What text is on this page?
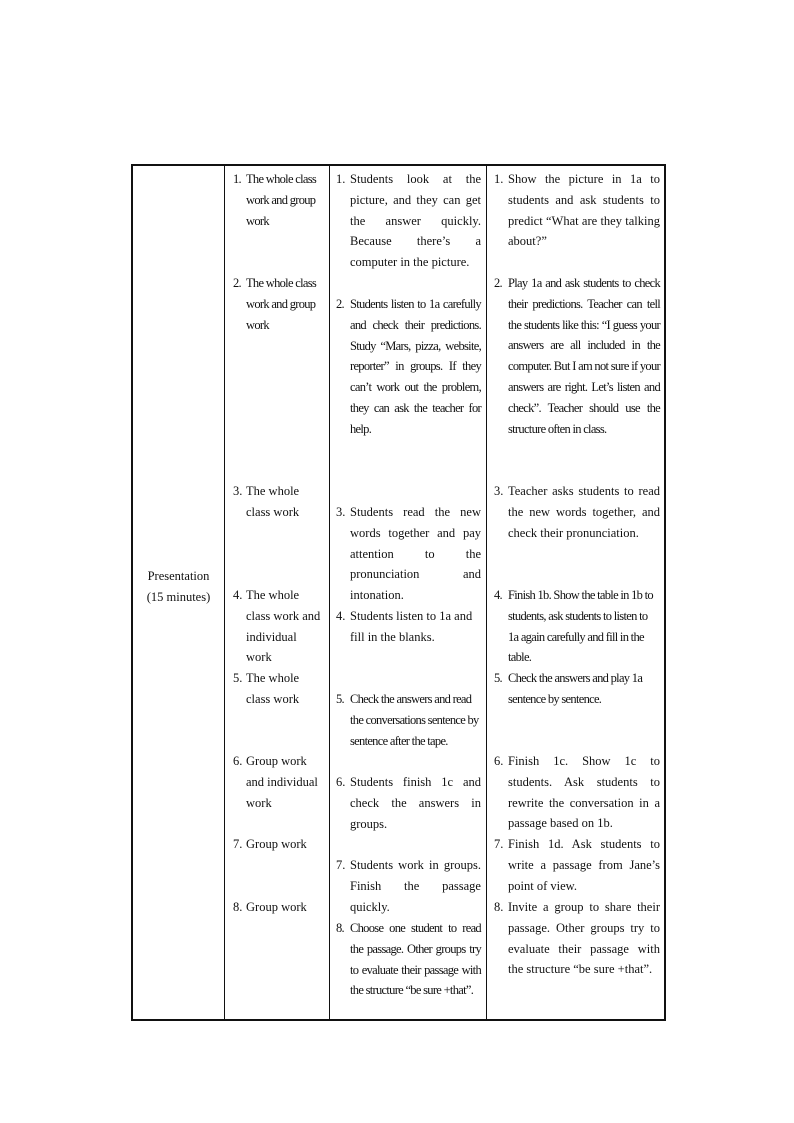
Presentation
(15 minutes)
1. The whole class work and group work
2. The whole class work and group work
3. The whole class work
4. The whole class work and individual work
5. The whole class work
6. Group work and individual work
7. Group work
8. Group work
1. Students look at the picture, and they can get the answer quickly. Because there’s a computer in the picture.
2. Students listen to 1a carefully and check their predictions. Study “Mars, pizza, website, reporter” in groups. If they can’t work out the problem, they can ask the teacher for help.
3. Students read the new words together and pay attention to the pronunciation and intonation.
4. Students listen to 1a and fill in the blanks.
5. Check the answers and read the conversations sentence by sentence after the tape.
6. Students finish 1c and check the answers in groups.
7. Students work in groups. Finish the passage quickly.
8. Choose one student to read the passage. Other groups try to evaluate their passage with the structure “be sure +that”.
1. Show the picture in 1a to students and ask students to predict “What are they talking about?”
2. Play 1a and ask students to check their predictions. Teacher can tell the students like this: “I guess your answers are all included in the computer. But I am not sure if your answers are right. Let’s listen and check”. Teacher should use the structure often in class.
3. Teacher asks students to read the new words together, and check their pronunciation.
4. Finish 1b. Show the table in 1b to students, ask students to listen to 1a again carefully and fill in the table.
5. Check the answers and play 1a sentence by sentence.
6. Finish 1c. Show 1c to students. Ask students to rewrite the conversation in a passage based on 1b.
7. Finish 1d. Ask students to write a passage from Jane’s point of view.
8. Invite a group to share their passage. Other groups try to evaluate their passage with the structure “be sure +that”.
